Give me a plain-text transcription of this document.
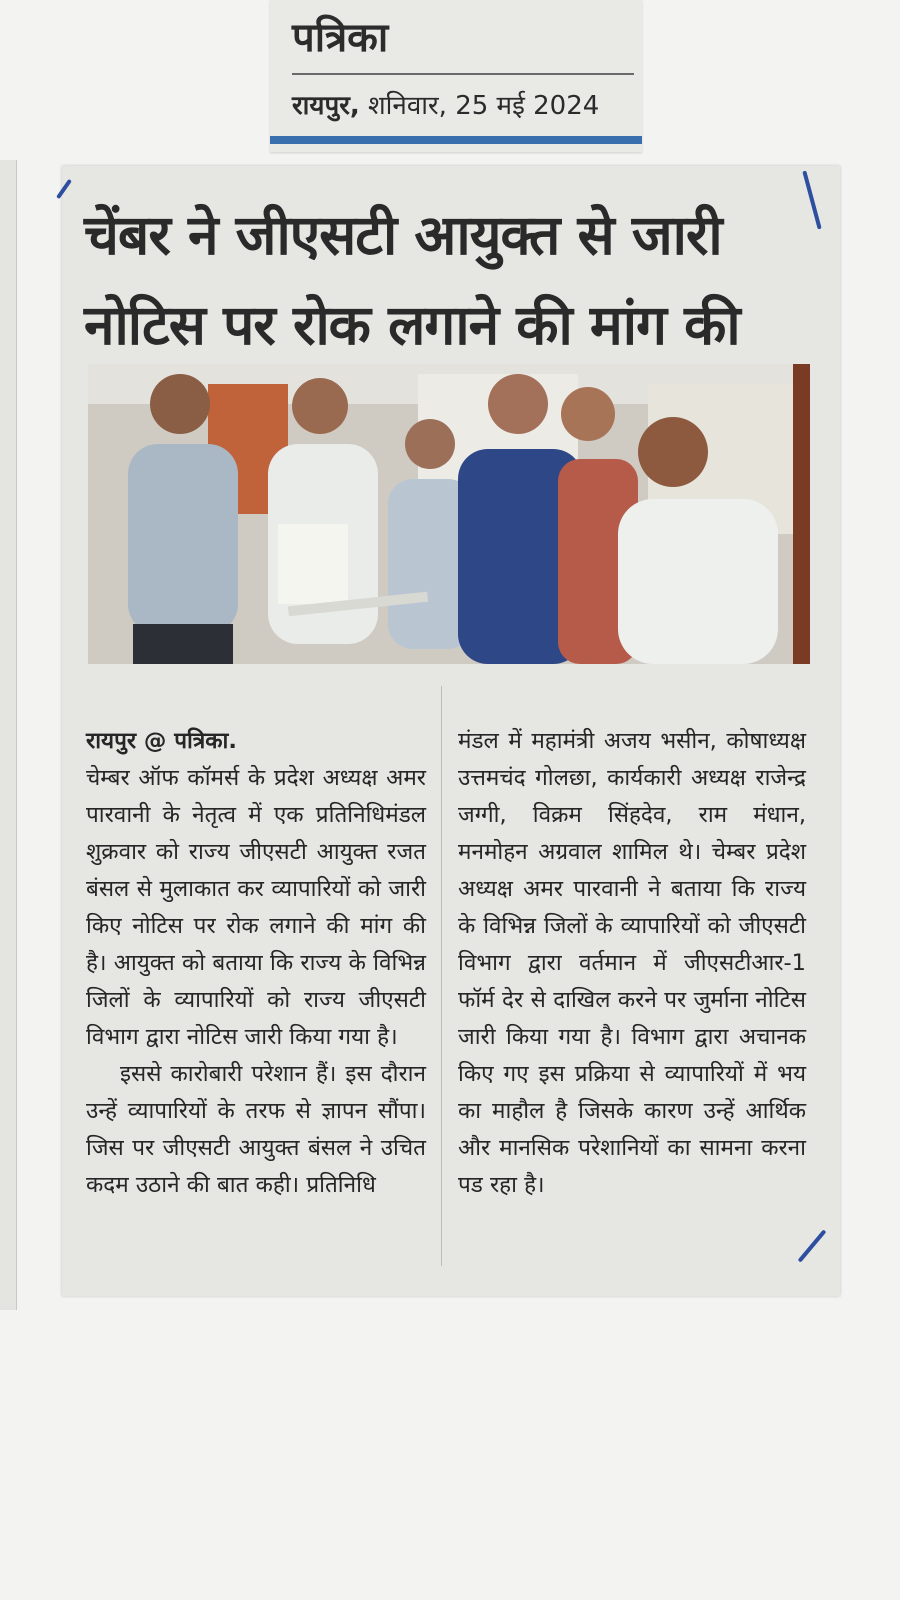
पत्रिका
रायपुर, शनिवार, 25 मई 2024
चेंबर ने जीएसटी आयुक्त से जारी
नोटिस पर रोक लगाने की मांग की

रायपुर @ पत्रिका.
चेम्बर ऑफ कॉमर्स के प्रदेश अध्यक्ष अमर पारवानी के नेतृत्व में एक प्रतिनिधिमंडल शुक्रवार को राज्य जीएसटी आयुक्त रजत बंसल से मुलाकात कर व्यापारियों को जारी किए नोटिस पर रोक लगाने की मांग की है। आयुक्त को बताया कि राज्य के विभिन्न जिलों के व्यापारियों को राज्य जीएसटी विभाग द्वारा नोटिस जारी किया गया है।

इससे कारोबारी परेशान हैं। इस दौरान उन्हें व्यापारियों के तरफ से ज्ञापन सौंपा। जिस पर जीएसटी आयुक्त बंसल ने उचित कदम उठाने की बात कही। प्रतिनिधि

मंडल में महामंत्री अजय भसीन, कोषाध्यक्ष उत्तमचंद गोलछा, कार्यकारी अध्यक्ष राजेन्द्र जग्गी, विक्रम सिंहदेव, राम मंधान, मनमोहन अग्रवाल शामिल थे। चेम्बर प्रदेश अध्यक्ष अमर पारवानी ने बताया कि राज्य के विभिन्न जिलों के व्यापारियों को जीएसटी विभाग द्वारा वर्तमान में जीएसटीआर-1 फॉर्म देर से दाखिल करने पर जुर्माना नोटिस जारी किया गया है। विभाग द्वारा अचानक किए गए इस प्रक्रिया से व्यापारियों में भय का माहौल है जिसके कारण उन्हें आर्थिक और मानसिक परेशानियों का सामना करना पड रहा है।
